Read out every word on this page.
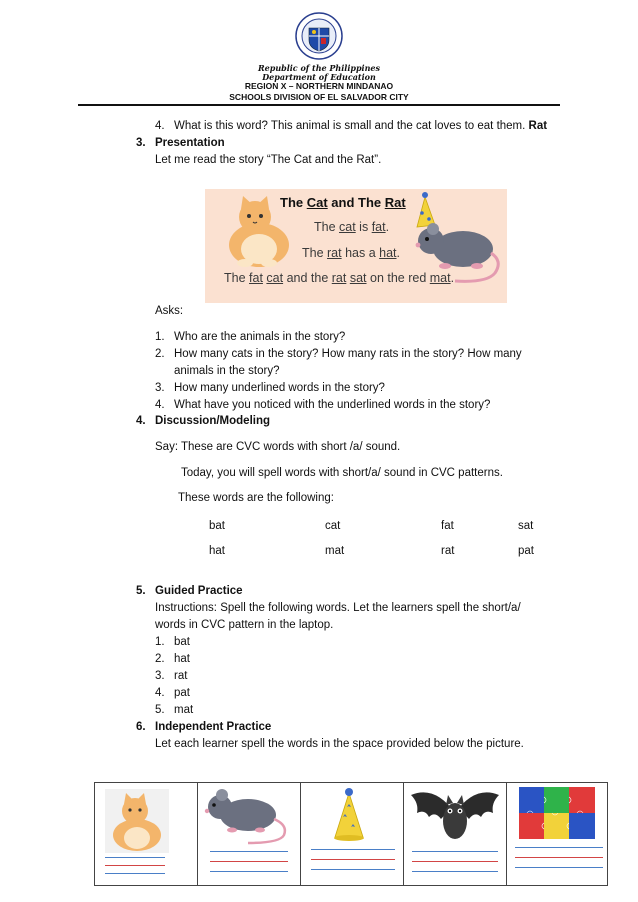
Republic of the Philippines
Department of Education
REGION X – NORTHERN MINDANAO
SCHOOLS DIVISION OF EL SALVADOR CITY
4. What is this word? This animal is small and the cat loves to eat them. Rat
3. Presentation
Let me read the story “The Cat and the Rat”.
The Cat and The Rat
The cat is fat.
The rat has a hat.
The fat cat and the rat sat on the red mat.
Asks:
1. Who are the animals in the story?
2. How many cats in the story? How many rats in the story? How many
animals in the story?
3. How many underlined words in the story?
4. What have you noticed with the underlined words in the story?
4. Discussion/Modeling
Say: These are CVC words with short /a/ sound.
Today, you will spell words with short/a/ sound in CVC patterns.
These words are the following:
bat	cat	fat	sat
hat	mat	rat	pat
5. Guided Practice
Instructions: Spell the following words. Let the learners spell the short/a/
words in CVC pattern in the laptop.
1. bat
2. hat
3. rat
4. pat
5. mat
6. Independent Practice
Let each learner spell the words in the space provided below the picture.
